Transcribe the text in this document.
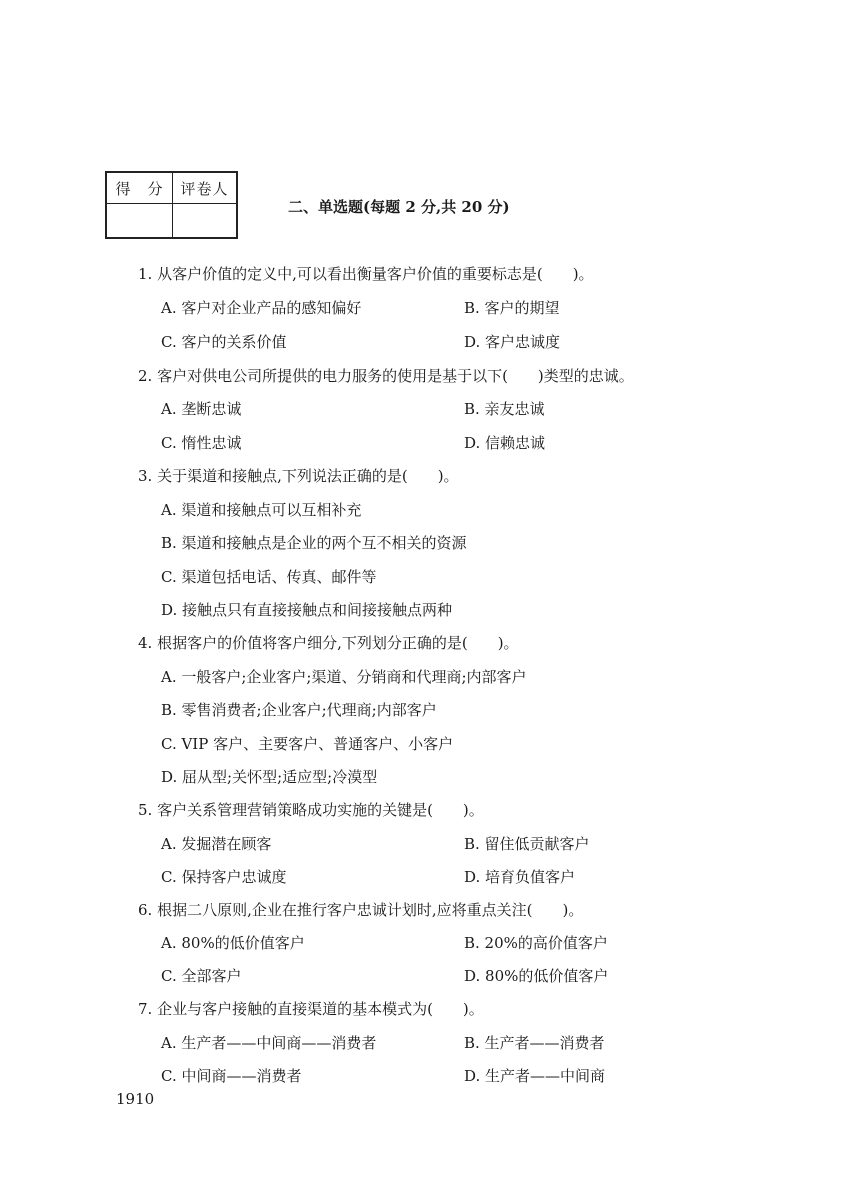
得　分	评卷人
二、单选题(每题 2 分,共 20 分)
1. 从客户价值的定义中,可以看出衡量客户价值的重要标志是(　　)。
A. 客户对企业产品的感知偏好	B. 客户的期望
C. 客户的关系价值	D. 客户忠诚度
2. 客户对供电公司所提供的电力服务的使用是基于以下(　　)类型的忠诚。
A. 垄断忠诚	B. 亲友忠诚
C. 惰性忠诚	D. 信赖忠诚
3. 关于渠道和接触点,下列说法正确的是(　　)。
A. 渠道和接触点可以互相补充
B. 渠道和接触点是企业的两个互不相关的资源
C. 渠道包括电话、传真、邮件等
D. 接触点只有直接接触点和间接接触点两种
4. 根据客户的价值将客户细分,下列划分正确的是(　　)。
A. 一般客户;企业客户;渠道、分销商和代理商;内部客户
B. 零售消费者;企业客户;代理商;内部客户
C. VIP 客户、主要客户、普通客户、小客户
D. 屈从型;关怀型;适应型;冷漠型
5. 客户关系管理营销策略成功实施的关键是(　　)。
A. 发掘潜在顾客	B. 留住低贡献客户
C. 保持客户忠诚度	D. 培育负值客户
6. 根据二八原则,企业在推行客户忠诚计划时,应将重点关注(　　)。
A. 80%的低价值客户	B. 20%的高价值客户
C. 全部客户	D. 80%的低价值客户
7. 企业与客户接触的直接渠道的基本模式为(　　)。
A. 生产者——中间商——消费者	B. 生产者——消费者
C. 中间商——消费者	D. 生产者——中间商
1910
